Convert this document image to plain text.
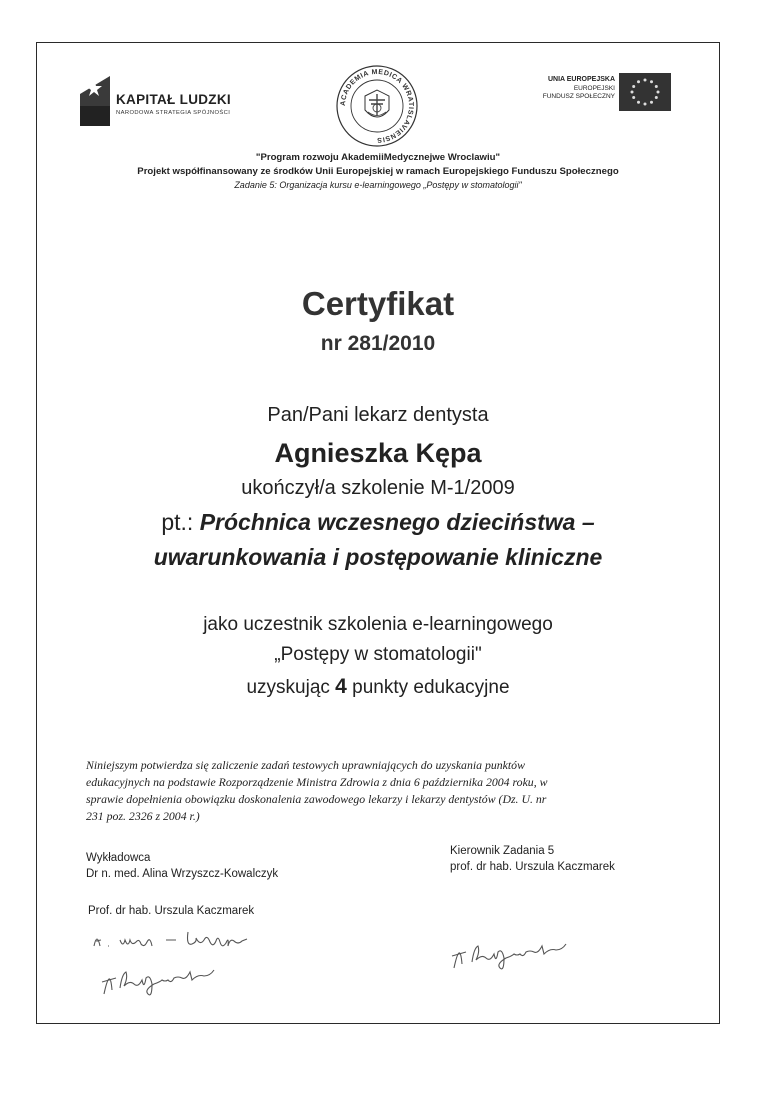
KAPITAŁ LUDZKI
NARODOWA STRATEGIA SPÓJNOŚCI
ACADEMIA MEDICA WRATISLAVIENSIS
UNIA EUROPEJSKA
EUROPEJSKI
FUNDUSZ SPOŁECZNY
"Program rozwoju AkademiiMedycznejwe Wroclawiu"
Projekt współfinansowany ze środków Unii Europejskiej w ramach Europejskiego Funduszu Społecznego
Zadanie 5: Organizacja kursu e-learningowego „Postępy w stomatologii"
Certyfikat
nr 281/2010
Pan/Pani lekarz dentysta
Agnieszka Kępa
ukończył/a szkolenie M-1/2009
pt.: Próchnica wczesnego dzieciństwa –
uwarunkowania i postępowanie kliniczne
jako uczestnik szkolenia e-learningowego
„Postępy w stomatologii"
uzyskując 4 punkty edukacyjne
Niniejszym potwierdza się zaliczenie zadań testowych uprawniających do uzyskania punktów
edukacyjnych na podstawie Rozporządzenie Ministra Zdrowia z dnia 6 października 2004 roku, w
sprawie dopełnienia obowiązku doskonalenia zawodowego lekarzy i lekarzy dentystów (Dz. U. nr
231 poz. 2326 z 2004 r.)
Wykładowca
Dr n. med. Alina Wrzyszcz-Kowalczyk
Kierownik Zadania 5
prof. dr hab. Urszula Kaczmarek
Prof. dr hab. Urszula Kaczmarek
